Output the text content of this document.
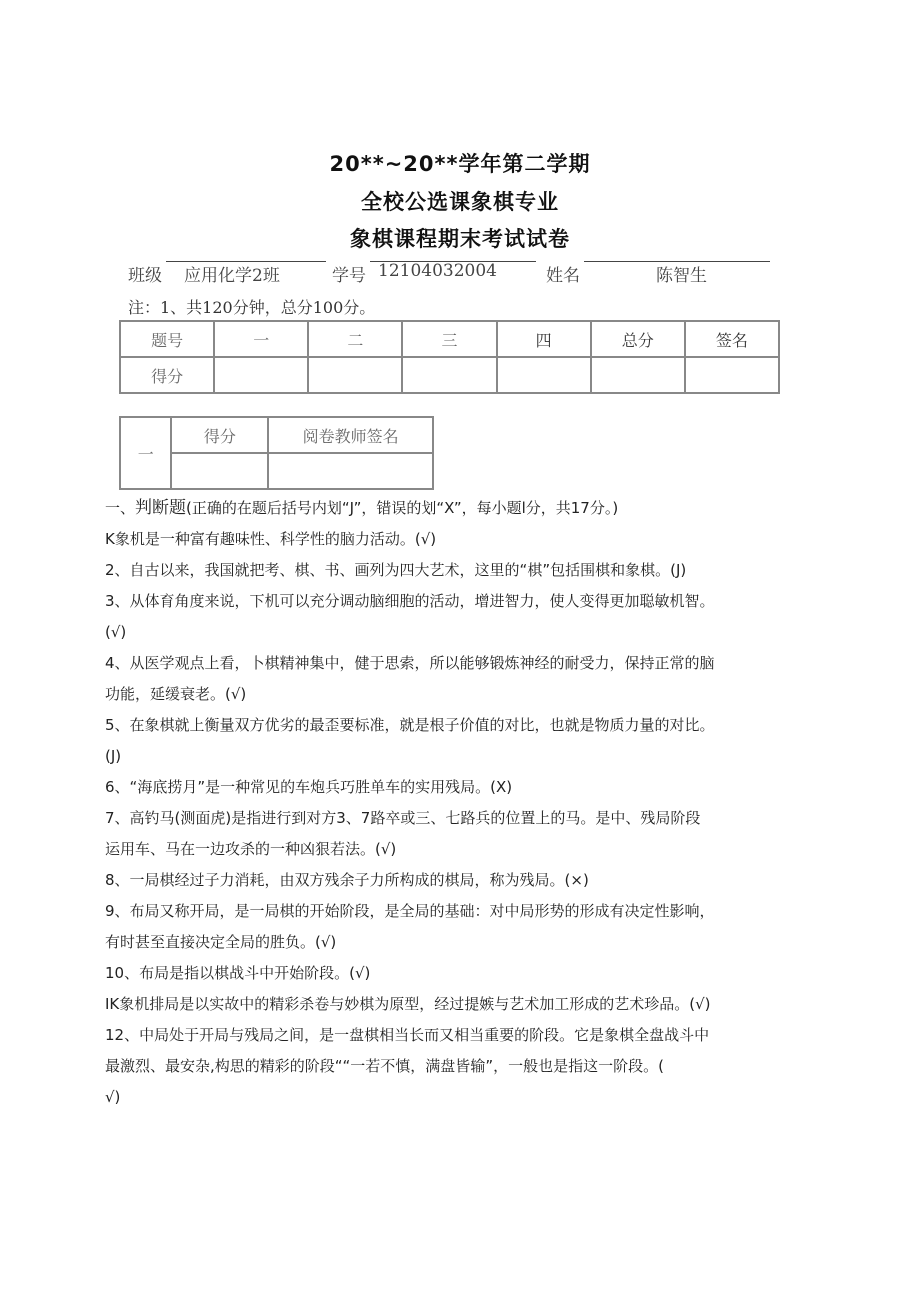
20**~20**学年第二学期
全校公选课象棋专业
象棋课程期末考试试卷
班级 应用化学2班	学号 12104032004	姓名	陈智生
注：1、共120分钟，总分100分。
题号	一	二	三	四	总分	签名
得分						
一	得分	阅卷教师签名

一、判断题(正确的在题后括号内划“J”，错误的划“X”，每小题l分，共17分。)
K象机是一种富有趣味性、科学性的脑力活动。(√)
2、自古以来，我国就把考、棋、书、画列为四大艺术，这里的“棋”包括围棋和象棋。(J)
3、从体育角度来说，下机可以充分调动脑细胞的活动，增进智力，使人变得更加聪敏机智。
(√)
4、从医学观点上看，卜棋精神集中，健于思索，所以能够锻炼神经的耐受力，保持正常的脑
功能，延缓衰老。(√)
5、在象棋就上衡量双方优劣的最歪要标准，就是根子价值的对比，也就是物质力量的对比。
(J)
6、“海底捞月”是一种常见的车炮兵巧胜单车的实用残局。(X)
7、高钓马(测面虎)是指进行到对方3、7路卒或三、七路兵的位置上的马。是中、残局阶段
运用车、马在一边攻杀的一种凶狠若法。(√)
8、一局棋经过子力消耗，由双方残余子力所构成的棋局，称为残局。(×)
9、布局又称开局，是一局棋的开始阶段，是全局的基础：对中局形势的形成有决定性影响，
有时甚至直接决定全局的胜负。(√)
10、布局是指以棋战斗中开始阶段。(√)
IK象机排局是以实故中的精彩杀卷与妙棋为原型，经过提嫉与艺术加工形成的艺术珍品。(√)
12、中局处于开局与残局之间，是一盘棋相当长而又相当重要的阶段。它是象棋全盘战斗中
最激烈、最安杂,构思的精彩的阶段““一若不慎，满盘皆输”，一般也是指这一阶段。(
√)
